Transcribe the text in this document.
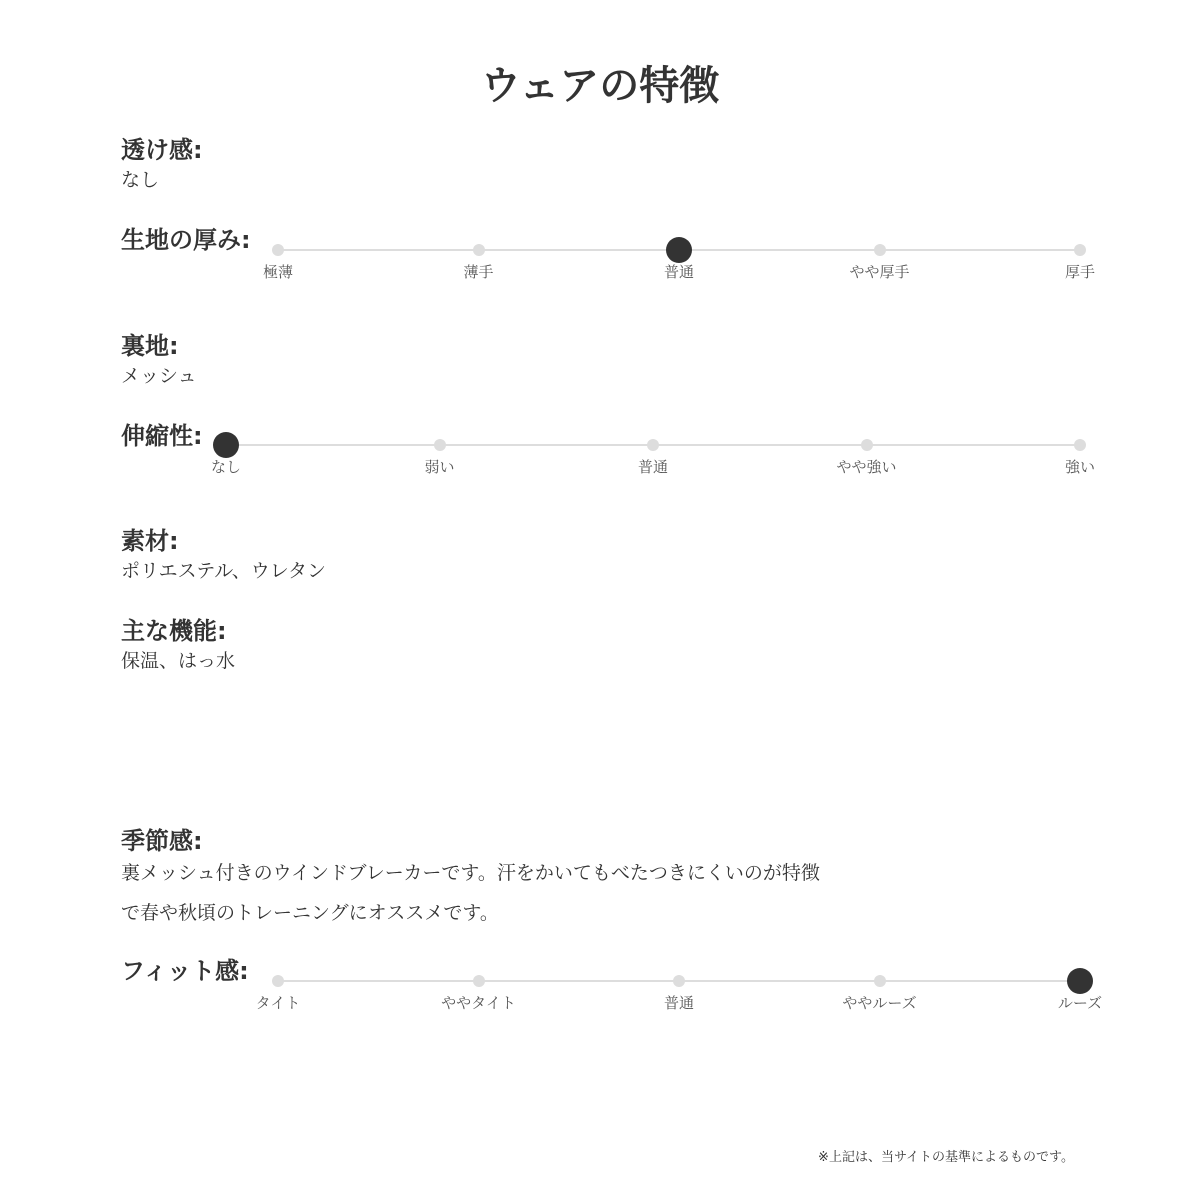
ウェアの特徴
透け感:
なし
生地の厚み:
極薄	薄手	普通	やや厚手	厚手
裏地:
メッシュ
伸縮性:
なし	弱い	普通	やや強い	強い
素材:
ポリエステル、ウレタン
主な機能:
保温、はっ水
季節感:
裏メッシュ付きのウインドブレーカーです。汗をかいてもべたつきにくいのが特徴
で春や秋頃のトレーニングにオススメです。
フィット感:
タイト	ややタイト	普通	ややルーズ	ルーズ
※上記は、当サイトの基準によるものです。
